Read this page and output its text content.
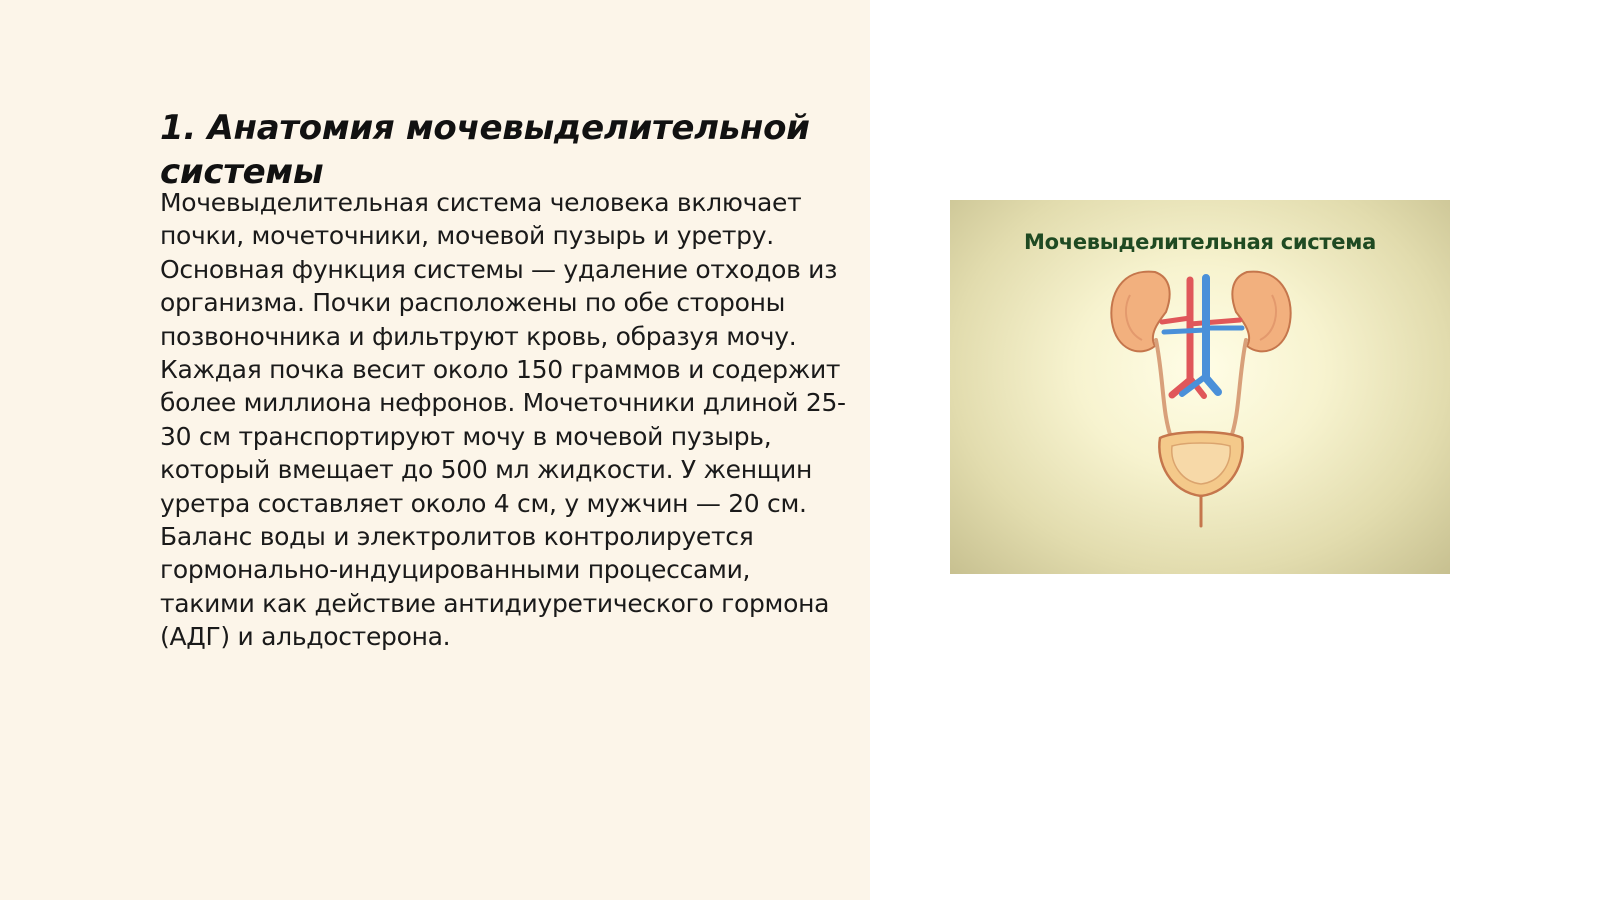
1. Анатомия мочевыделительной системы

Мочевыделительная система человека включает почки, мочеточники, мочевой пузырь и уретру. Основная функция системы — удаление отходов из организма. Почки расположены по обе стороны позвоночника и фильтруют кровь, образуя мочу. Каждая почка весит около 150 граммов и содержит более миллиона нефронов. Мочеточники длиной 25-30 см транспортируют мочу в мочевой пузырь, который вмещает до 500 мл жидкости. У женщин уретра составляет около 4 см, у мужчин — 20 см. Баланс воды и электролитов контролируется гормонально-индуцированными процессами, такими как действие антидиуретического гормона (АДГ) и альдостерона.

Мочевыделительная система
